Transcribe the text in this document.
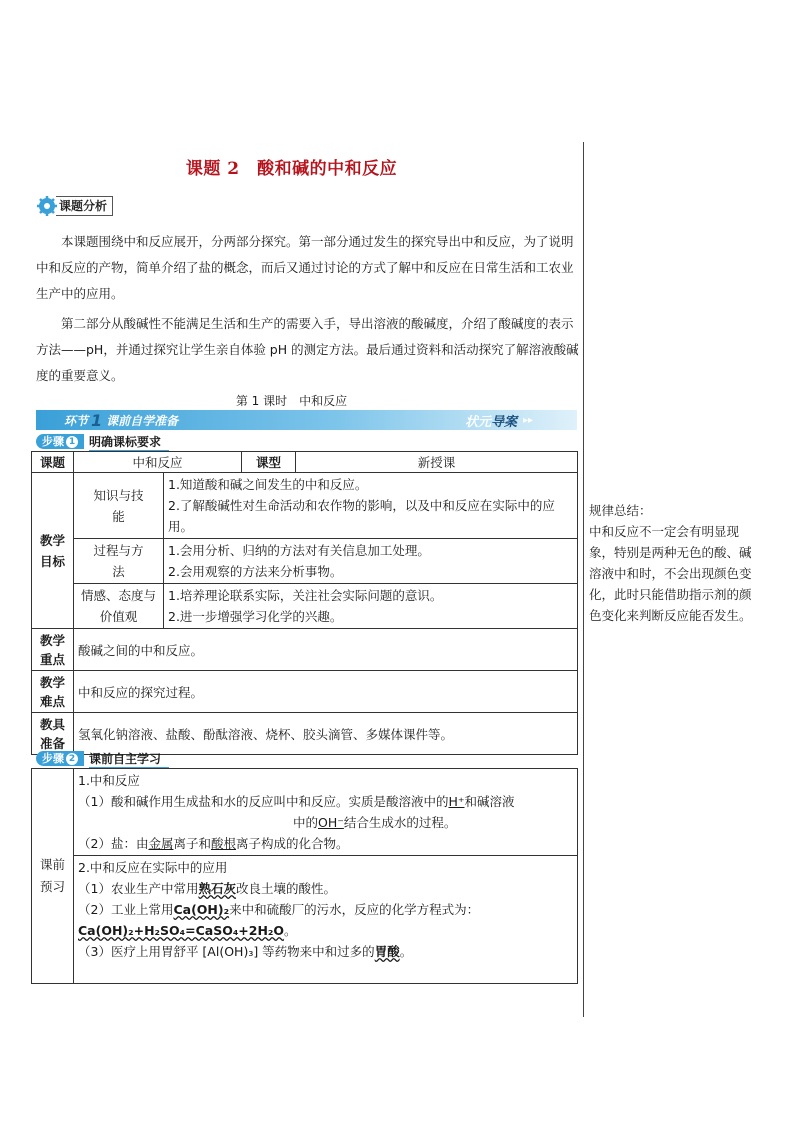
课题 2　酸和碱的中和反应
课题分析
本课题围绕中和反应展开，分两部分探究。第一部分通过发生的探究导出中和反应，为了说明中和反应的产物，简单介绍了盐的概念，而后又通过讨论的方式了解中和反应在日常生活和工农业生产中的应用。
第二部分从酸碱性不能满足生活和生产的需要入手，导出溶液的酸碱度，介绍了酸碱度的表示方法——pH，并通过探究让学生亲自体验 pH 的测定方法。最后通过资料和活动探究了解溶液酸碱度的重要意义。
第 1 课时　中和反应
环节 1 课前自学准备	状元导案 ▸▸
步骤 1 明确课标要求
课题	中和反应		课型	新授课
教学目标	知识与技能	1.知道酸和碱之间发生的中和反应。
2.了解酸碱性对生命活动和农作物的影响，以及中和反应在实际中的应用。		

	过程与方法	1.会用分析、归纳的方法对有关信息加工处理。
2.会用观察的方法来分析事物。		

	情感、态度与价值观	1.培养理论联系实际，关注社会实际问题的意识。
2.进一步增强学习化学的兴趣。		

教学重点	酸碱之间的中和反应。			
教学难点	中和反应的探究过程。			
教具准备	氢氧化钠溶液、盐酸、酚酞溶液、烧杯、胶头滴管、多媒体课件等。			
步骤 2 课前自主学习
课前预习	
1.中和反应
（1）酸和碱作用生成盐和水的反应叫中和反应。实质是酸溶液中的H⁺和碱溶液
中的OH⁻结合生成水的过程。
（2）盐：由金属离子和酸根离子构成的化合物。

2.中和反应在实际中的应用
（1）农业生产中常用熟石灰改良土壤的酸性。
（2）工业上常用Ca(OH)₂来中和硫酸厂的污水，反应的化学方程式为：
Ca(OH)₂+H₂SO₄=CaSO₄+2H₂O。
（3）医疗上用胃舒平 [Al(OH)₃] 等药物来中和过多的胃酸。
规律总结：
中和反应不一定会有明显现象，特别是两种无色的酸、碱溶液中和时，不会出现颜色变化，此时只能借助指示剂的颜色变化来判断反应能否发生。
